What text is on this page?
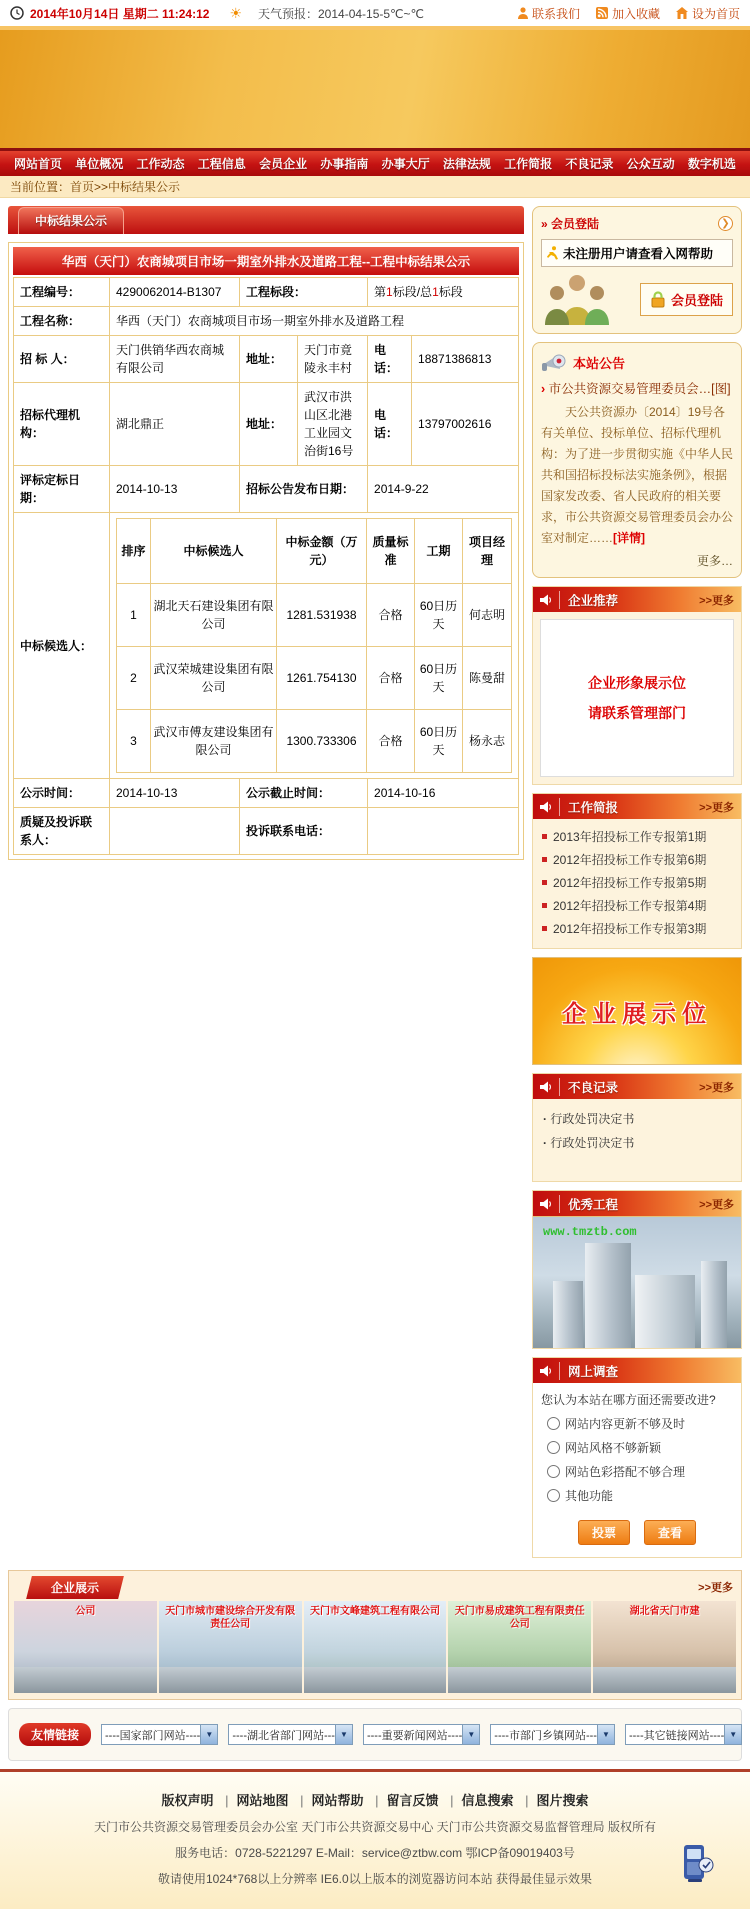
2014年10月14日 星期二 11:24:12 ☀ 天气预报：2014-04-15-5℃~℃	联系我们	加入收藏	设为首页
网站首页 单位概况 工作动态 工程信息 会员企业 办事指南 办事大厅 法律法规 工作简报 不良记录 公众互动 数字机选
当前位置：首页>>中标结果公示
中标结果公示
华西（天门）农商城项目市场一期室外排水及道路工程--工程中标结果公示
工程编号：	4290062014-B1307	工程标段：	第1标段/总1标段
工程名称：	华西（天门）农商城项目市场一期室外排水及道路工程
招 标 人：	天门供销华西农商城有限公司	地址：	天门市竟陵永丰村	电话：	18871386813
招标代理机构：	湖北鼎正	地址：	武汉市洪山区北港工业园文治街16号	电话：	13797002616
评标定标日期：	2014-10-13	招标公告发布日期：	2014-9-22
中标候选人：	
排序	中标候选人	中标金额（万元）	质量标准	工期	项目经理
1	湖北天石建设集团有限公司	1281.531938	合格	60日历天	何志明
2	武汉荣城建设集团有限公司	1261.754130	合格	60日历天	陈曼甜
3	武汉市傅友建设集团有限公司	1300.733306	合格	60日历天	杨永志

公示时间：	2014-10-13	公示截止时间：	2014-10-16
质疑及投诉联系人：		投诉联系电话：	
» 会员登陆	❯
未注册用户请查看入网帮助
会员登陆
本站公告
› 市公共资源交易管理委员会…[图]
天公共资源办〔2014〕19号各有关单位、投标单位、招标代理机构：为了进一步贯彻实施《中华人民共和国招标投标法实施条例》，根据国家发改委、省人民政府的相关要求，市公共资源交易管理委员会办公室对制定……[详情]
更多…
企业推荐	>>更多
企业形象展示位
请联系管理部门
工作简报	>>更多
2013年招投标工作专报第1期
2012年招投标工作专报第6期
2012年招投标工作专报第5期
2012年招投标工作专报第4期
2012年招投标工作专报第3期
企业展示位
不良记录	>>更多
· 行政处罚决定书
· 行政处罚决定书
优秀工程	>>更多
www.tmztb.com
网上调查
您认为本站在哪方面还需要改进?
网站内容更新不够及时
网站风格不够新颖
网站色彩搭配不够合理
其他功能
投票	查看
企业展示	>>更多
公司	天门市城市建设综合开发有限责任公司
天门市文峰建筑工程有限公司	天门市易成建筑工程有限责任公司
湖北省天门市建
友情链接	----国家部门网站---- ▼	----湖北省部门网站--- ▼	----重要新闻网站---- ▼	----市部门乡镇网站--- ▼	----其它链接网站---- ▼
版权声明 |	网站地图 |	网站帮助 |	留言反馈 |	信息搜索 |	图片搜索

天门市公共资源交易管理委员会办公室 天门市公共资源交易中心 天门市公共资源交易监督管理局 版权所有

服务电话：0728-5221297 E-Mail：service@ztbw.com 鄂ICP备09019403号

敬请使用1024*768以上分辨率 IE6.0以上版本的浏览器访问本站 获得最佳显示效果
